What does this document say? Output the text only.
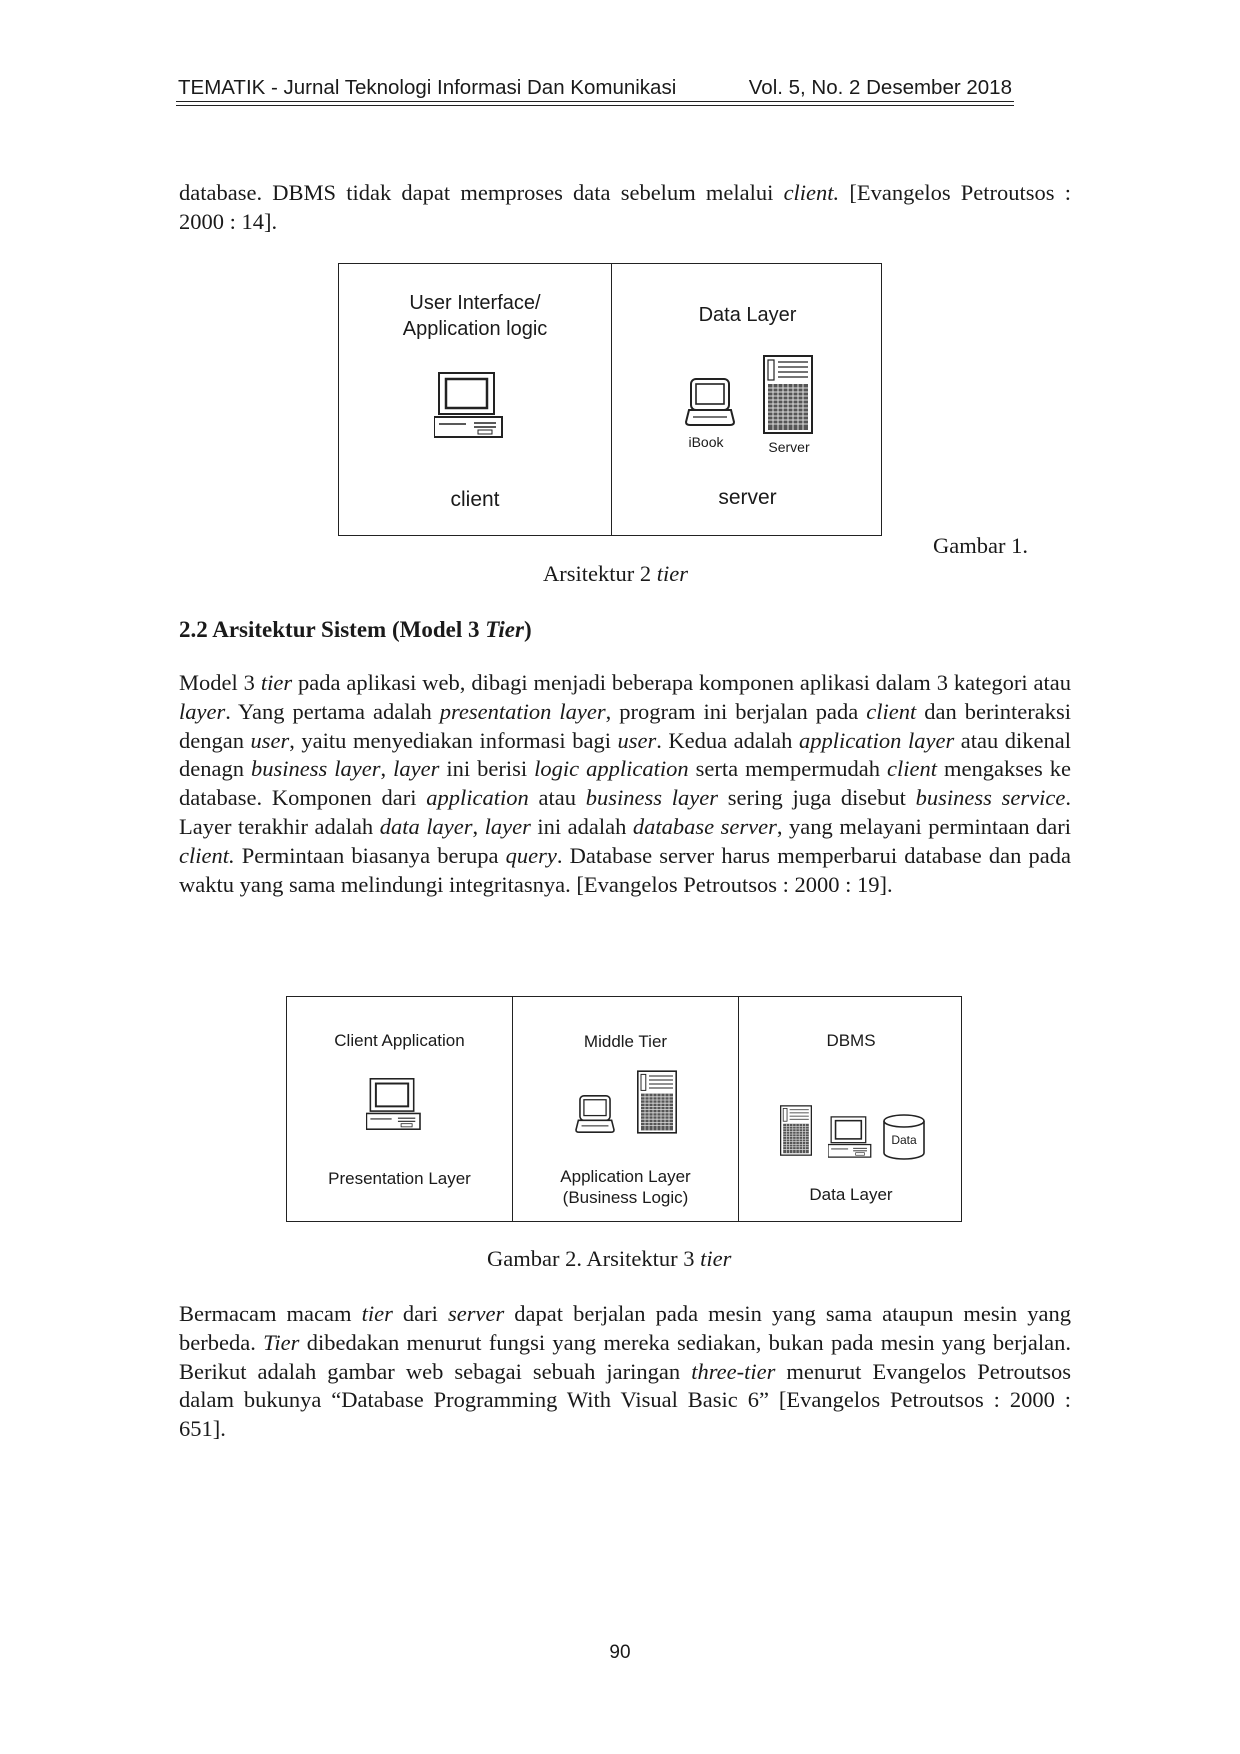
TEMATIK - Jurnal Teknologi Informasi Dan Komunikasi	Vol. 5, No. 2 Desember 2018

database. DBMS tidak dapat memproses data sebelum melalui client. [Evangelos Petroutsos : 2000 : 14].

User Interface/
Application logic
client
Data Layer
iBook	Server
server

Gambar 1.

Arsitektur 2 tier

2.2 Arsitektur Sistem (Model 3 Tier)

Model 3 tier pada aplikasi web, dibagi menjadi beberapa komponen aplikasi dalam 3 kategori atau layer. Yang pertama adalah presentation layer, program ini berjalan pada client dan berinteraksi dengan user, yaitu menyediakan informasi bagi user. Kedua adalah application layer atau dikenal denagn business layer, layer ini berisi logic application serta mempermudah client mengakses ke database. Komponen dari application atau business layer sering juga disebut business service. Layer terakhir adalah data layer, layer ini adalah database server, yang melayani permintaan dari client. Permintaan biasanya berupa query. Database server harus memperbarui database dan pada waktu yang sama melindungi integritasnya. [Evangelos Petroutsos : 2000 : 19].

Client Application
Presentation Layer
Middle Tier
Application Layer
(Business Logic)
DBMS
Data
Data Layer

Gambar 2. Arsitektur 3 tier

Bermacam macam tier dari server dapat berjalan pada mesin yang sama ataupun mesin yang berbeda. Tier dibedakan menurut fungsi yang mereka sediakan, bukan pada mesin yang berjalan. Berikut adalah gambar web sebagai sebuah jaringan three-tier menurut Evangelos Petroutsos dalam bukunya “Database Programming With Visual Basic 6” [Evangelos Petroutsos : 2000 : 651].

90
